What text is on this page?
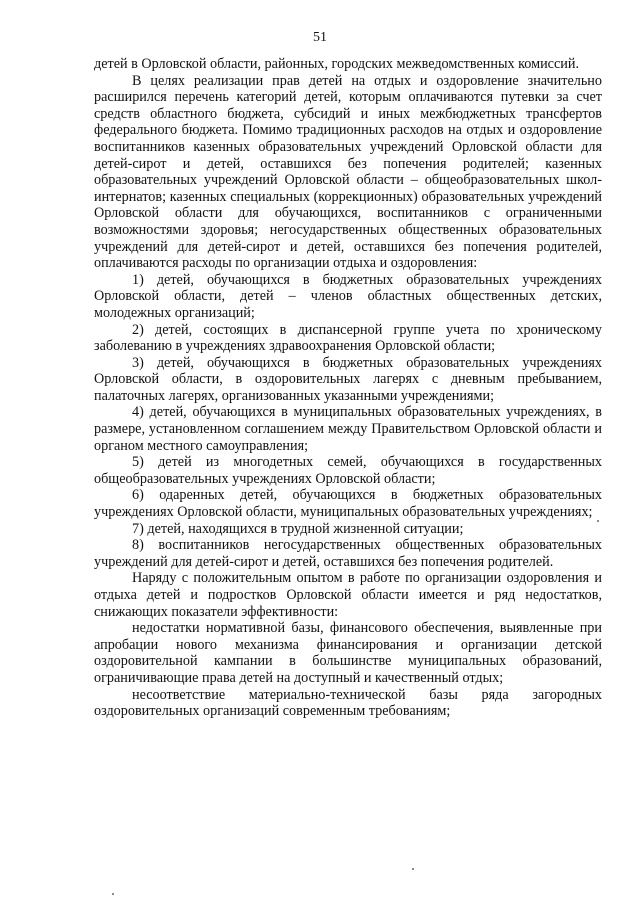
51

детей в Орловской области, районных, городских межведомственных комиссий.

В целях реализации прав детей на отдых и оздоровление значительно расширился перечень категорий детей, которым оплачиваются путевки за счет средств областного бюджета, субсидий и иных межбюджетных трансфертов федерального бюджета. Помимо традиционных расходов на отдых и оздоровление воспитанников казенных образовательных учреждений Орловской области для детей-сирот и детей, оставшихся без попечения родителей; казенных образовательных учреждений Орловской области – общеобразовательных школ-интернатов; казенных специальных (коррекционных) образовательных учреждений Орловской области для обучающихся, воспитанников с ограниченными возможностями здоровья; негосударственных общественных образовательных учреждений для детей-сирот и детей, оставшихся без попечения родителей, оплачиваются расходы по организации отдыха и оздоровления:

1) детей, обучающихся в бюджетных образовательных учреждениях Орловской области, детей – членов областных общественных детских, молодежных организаций;

2) детей, состоящих в диспансерной группе учета по хроническому заболеванию в учреждениях здравоохранения Орловской области;

3) детей, обучающихся в бюджетных образовательных учреждениях Орловской области, в оздоровительных лагерях с дневным пребыванием, палаточных лагерях, организованных указанными учреждениями;

4) детей, обучающихся в муниципальных образовательных учреждениях, в размере, установленном соглашением между Правительством Орловской области и органом местного самоуправления;

5) детей из многодетных семей, обучающихся в государственных общеобразовательных учреждениях Орловской области;

6) одаренных детей, обучающихся в бюджетных образовательных учреждениях Орловской области, муниципальных образовательных учреждениях;

7) детей, находящихся в трудной жизненной ситуации;

8) воспитанников негосударственных общественных образовательных учреждений для детей-сирот и детей, оставшихся без попечения родителей.

Наряду с положительным опытом в работе по организации оздоровления и отдыха детей и подростков Орловской области имеется и ряд недостатков, снижающих показатели эффективности:

недостатки нормативной базы, финансового обеспечения, выявленные при апробации нового механизма финансирования и организации детской оздоровительной кампании в большинстве муниципальных образований, ограничивающие права детей на доступный и качественный отдых;

несоответствие материально-технической базы ряда загородных оздоровительных организаций современным требованиям;
